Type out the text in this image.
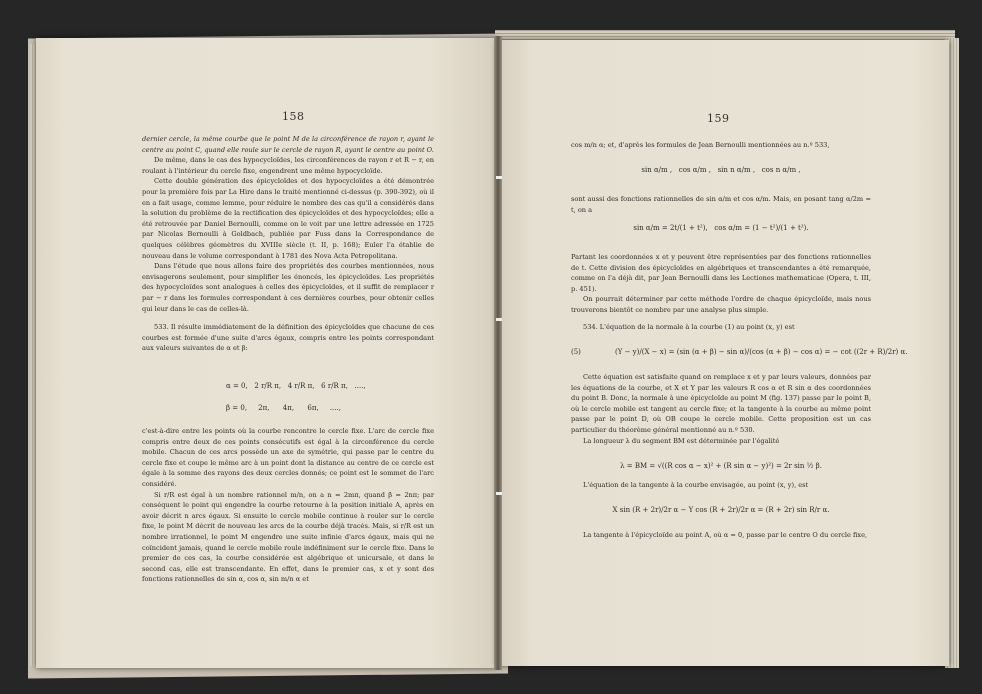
158

dernier cercle, la même courbe que le point M de la circonférence de rayon r, ayant le centre au point C, quand elle roule sur le cercle de rayon R, ayant le centre au point O.

De même, dans le cas des hypocycloïdes, les circonférences de rayon r et R − r, en roulant à l'intérieur du cercle fixe, engendrent une même hypocycloïde.

Cette double génération des épicycloïdes et des hypocycloïdes a été démontrée pour la première fois par La Hire dans le traité mentionné ci-dessus (p. 390-392), où il en a fait usage, comme lemme, pour réduire le nombre des cas qu'il a considérés dans la solution du problème de la rectification des épicycloïdes et des hypocycloïdes; elle a été retrouvée par Daniel Bernoulli, comme on le voit par une lettre adressée en 1725 par Nicolas Bernoulli à Goldbach, publiée par Fuss dans la Correspondance de quelques célèbres géomètres du XVIIIe siècle (t. II, p. 168); Euler l'a établie de nouveau dans le volume correspondant à 1781 des Nova Acta Petropolitana.

Dans l'étude que nous allons faire des propriétés des courbes mentionnées, nous envisagerons seulement, pour simplifier les énoncés, les épicycloïdes. Les propriétés des hypocycloïdes sont analogues à celles des épicycloïdes, et il suffit de remplacer r par − r dans les formules correspondant à ces dernières courbes, pour obtenir celles qui leur dans le cas de celles-là.

533. Il résulte immédiatement de la définition des épicycloïdes que chacune de ces courbes est formée d'une suite d'arcs égaux, compris entre les points correspondant aux valeurs suivantes de α et β:

α = 0,   2 r/R π,   4 r/R π,   6 r/R π,   ....,
β = 0,     2π,      4π,      6π,     ....,

c'est-à-dire entre les points où la courbe rencontre le cercle fixe. L'arc de cercle fixe compris entre deux de ces points consécutifs est égal à la circonférence du cercle mobile. Chacun de ces arcs possède un axe de symétrie, qui passe par le centre du cercle fixe et coupe le même arc à un point dont la distance au centre de ce cercle est égale à la somme des rayons des deux cercles donnés; ce point est le sommet de l'arc considéré.

Si r/R est égal à un nombre rationnel m/n, on a n = 2mπ, quand β = 2nπ; par conséquent le point qui engendre la courbe retourne à la position initiale A, après en avoir décrit n arcs égaux. Si ensuite le cercle mobile continue à rouler sur le cercle fixe, le point M décrit de nouveau les arcs de la courbe déjà tracés. Mais, si r/R est un nombre irrationnel, le point M engendre une suite infinie d'arcs égaux, mais qui ne coïncident jamais, quand le cercle mobile roule indéfiniment sur le cercle fixe. Dans le premier de ces cas, la courbe considérée est algébrique et unicursale, et dans le second cas, elle est transcendante. En effet, dans le premier cas, x et y sont des fonctions rationnelles de sin α, cos α, sin m/n α et

159
cos m/n α; et, d'après les formules de Jean Bernoulli mentionnées au n.º 533,
sin α/m ,   cos α/m ,   sin n α/m ,   cos n α/m ,
sont aussi des fonctions rationnelles de sin α/m et cos α/m. Mais, en posant tang α/2m = t, on a
sin α/m = 2t/(1 + t²),   cos α/m = (1 − t²)/(1 + t²).

Partant les coordonnées x et y peuvent être représentées par des fonctions rationnelles de t. Cette division des épicycloïdes en algébriques et transcendantes a été remarquée, comme on l'a déjà dit, par Jean Bernoulli dans les Lectiones mathematicae (Opera, t. III, p. 451).

On pourrait déterminer par cette méthode l'ordre de chaque épicycloïde, mais nous trouverons bientôt ce nombre par une analyse plus simple.

534. L'équation de la normale à la courbe (1) au point (x, y) est

(5)	(Y − y)/(X − x) = (sin (α + β) − sin α)/(cos (α + β) − cos α) = − cot ((2r + R)/2r) α.

Cette équation est satisfaite quand on remplace x et y par leurs valeurs, données par les équations de la courbe, et X et Y par les valeurs R cos α et R sin α des coordonnées du point B. Donc, la normale à une épicycloïde au point M (fig. 137) passe par le point B, où le cercle mobile est tangent au cercle fixe; et la tangente à la courbe au même point passe par le point D, où OB coupe le cercle mobile. Cette proposition est un cas particulier du théorème général mentionné au n.º 530.

La longueur λ du segment BM est déterminée par l'égalité

λ = BM = √((R cos α − x)² + (R sin α − y)²) = 2r sin ½ β.
L'équation de la tangente à la courbe envisagée, au point (x, y), est
X sin (R + 2r)/2r α − Y cos (R + 2r)/2r α = (R + 2r) sin R/r α.
La tangente à l'épicycloïde au point A, où α = 0, passe par le centre O du cercle fixe,
